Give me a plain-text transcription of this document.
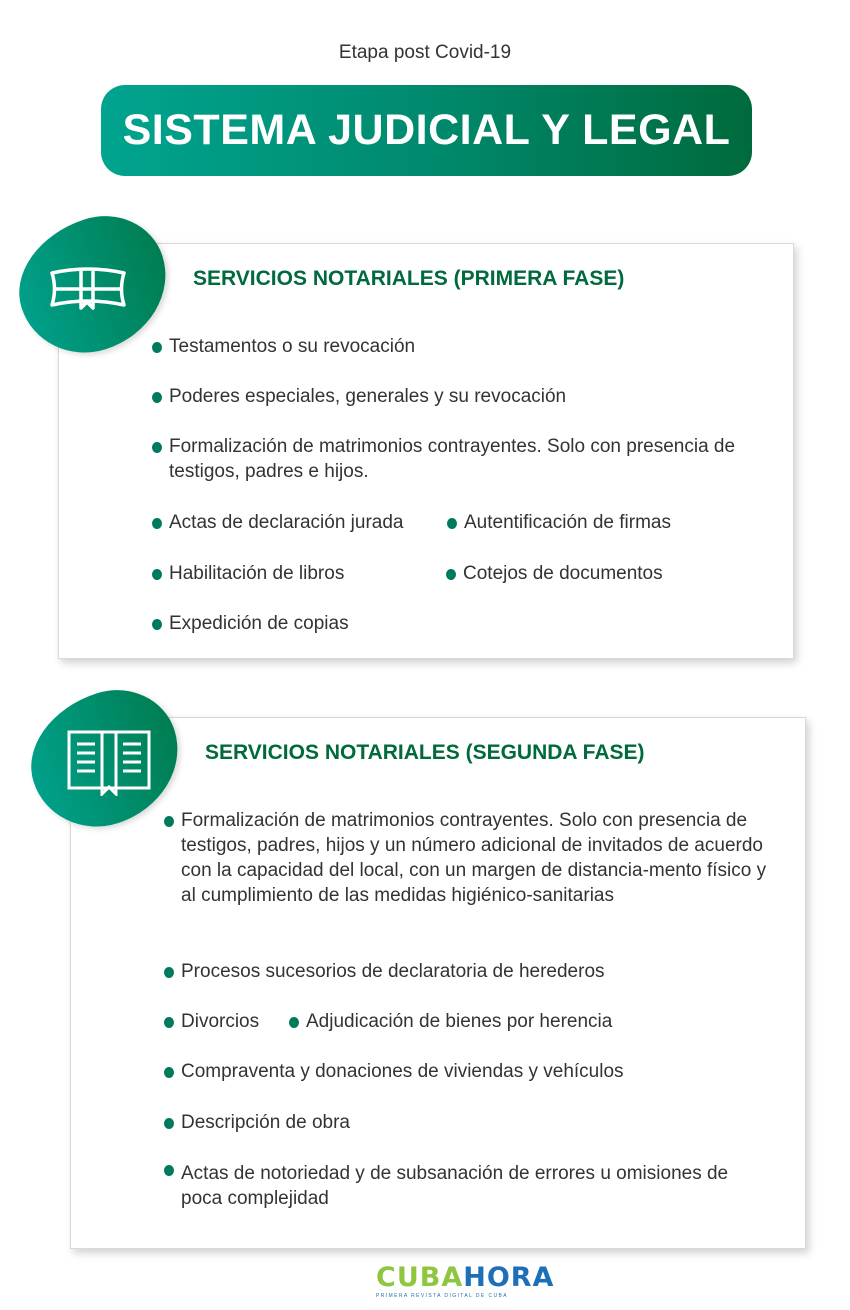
Etapa post Covid-19
SISTEMA JUDICIAL Y LEGAL
SERVICIOS NOTARIALES (PRIMERA FASE)
Testamentos o su revocación
Poderes especiales, generales y su revocación
Formalización de matrimonios contrayentes. Solo con presencia de testigos, padres e hijos.
Actas de declaración jurada	Autentificación de firmas
Habilitación de libros	Cotejos de documentos
Expedición de copias
SERVICIOS NOTARIALES (SEGUNDA FASE)
Formalización de matrimonios contrayentes. Solo con presencia de testigos, padres, hijos y un número adicional de invitados de acuerdo con la capacidad del local, con un margen de distancia-mento físico y al cumplimiento de las medidas higiénico-sanitarias
Procesos sucesorios de declaratoria de herederos
Divorcios Adjudicación de bienes por herencia
Compraventa y donaciones de viviendas y vehículos
Descripción de obra
Actas de notoriedad y de subsanación de errores u omisiones de poca complejidad
CUBAHORA
PRIMERA REVISTA DIGITAL DE CUBA
